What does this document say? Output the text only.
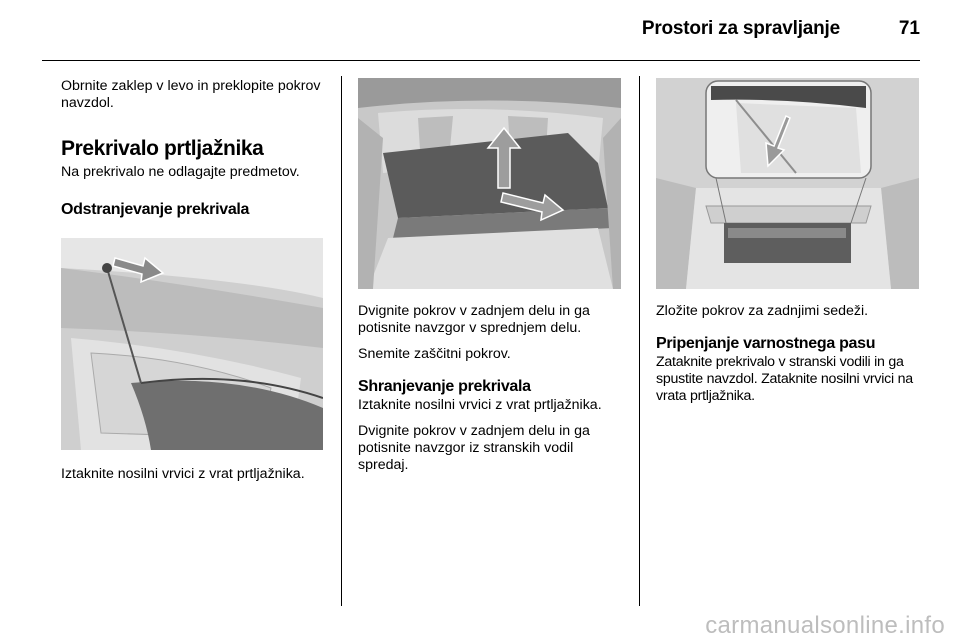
Prostori za spravljanje	71

Obrnite zaklep v levo in preklopite pokrov navzdol.

Prekrivalo prtljažnika

Na prekrivalo ne odlagajte predmetov.

Odstranjevanje prekrivala

Iztaknite nosilni vrvici z vrat prtljažnika.

Dvignite pokrov v zadnjem delu in ga potisnite navzgor v sprednjem delu.

Snemite zaščitni pokrov.

Shranjevanje prekrivala

Iztaknite nosilni vrvici z vrat prtljažnika.

Dvignite pokrov v zadnjem delu in ga potisnite navzgor iz stranskih vodil spredaj.

Zložite pokrov za zadnjimi sedeži.

Pripenjanje varnostnega pasu

Zataknite prekrivalo v stranski vodili in ga spustite navzdol. Zataknite nosilni vrvici na vrata prtljažnika.

carmanualsonline.info
